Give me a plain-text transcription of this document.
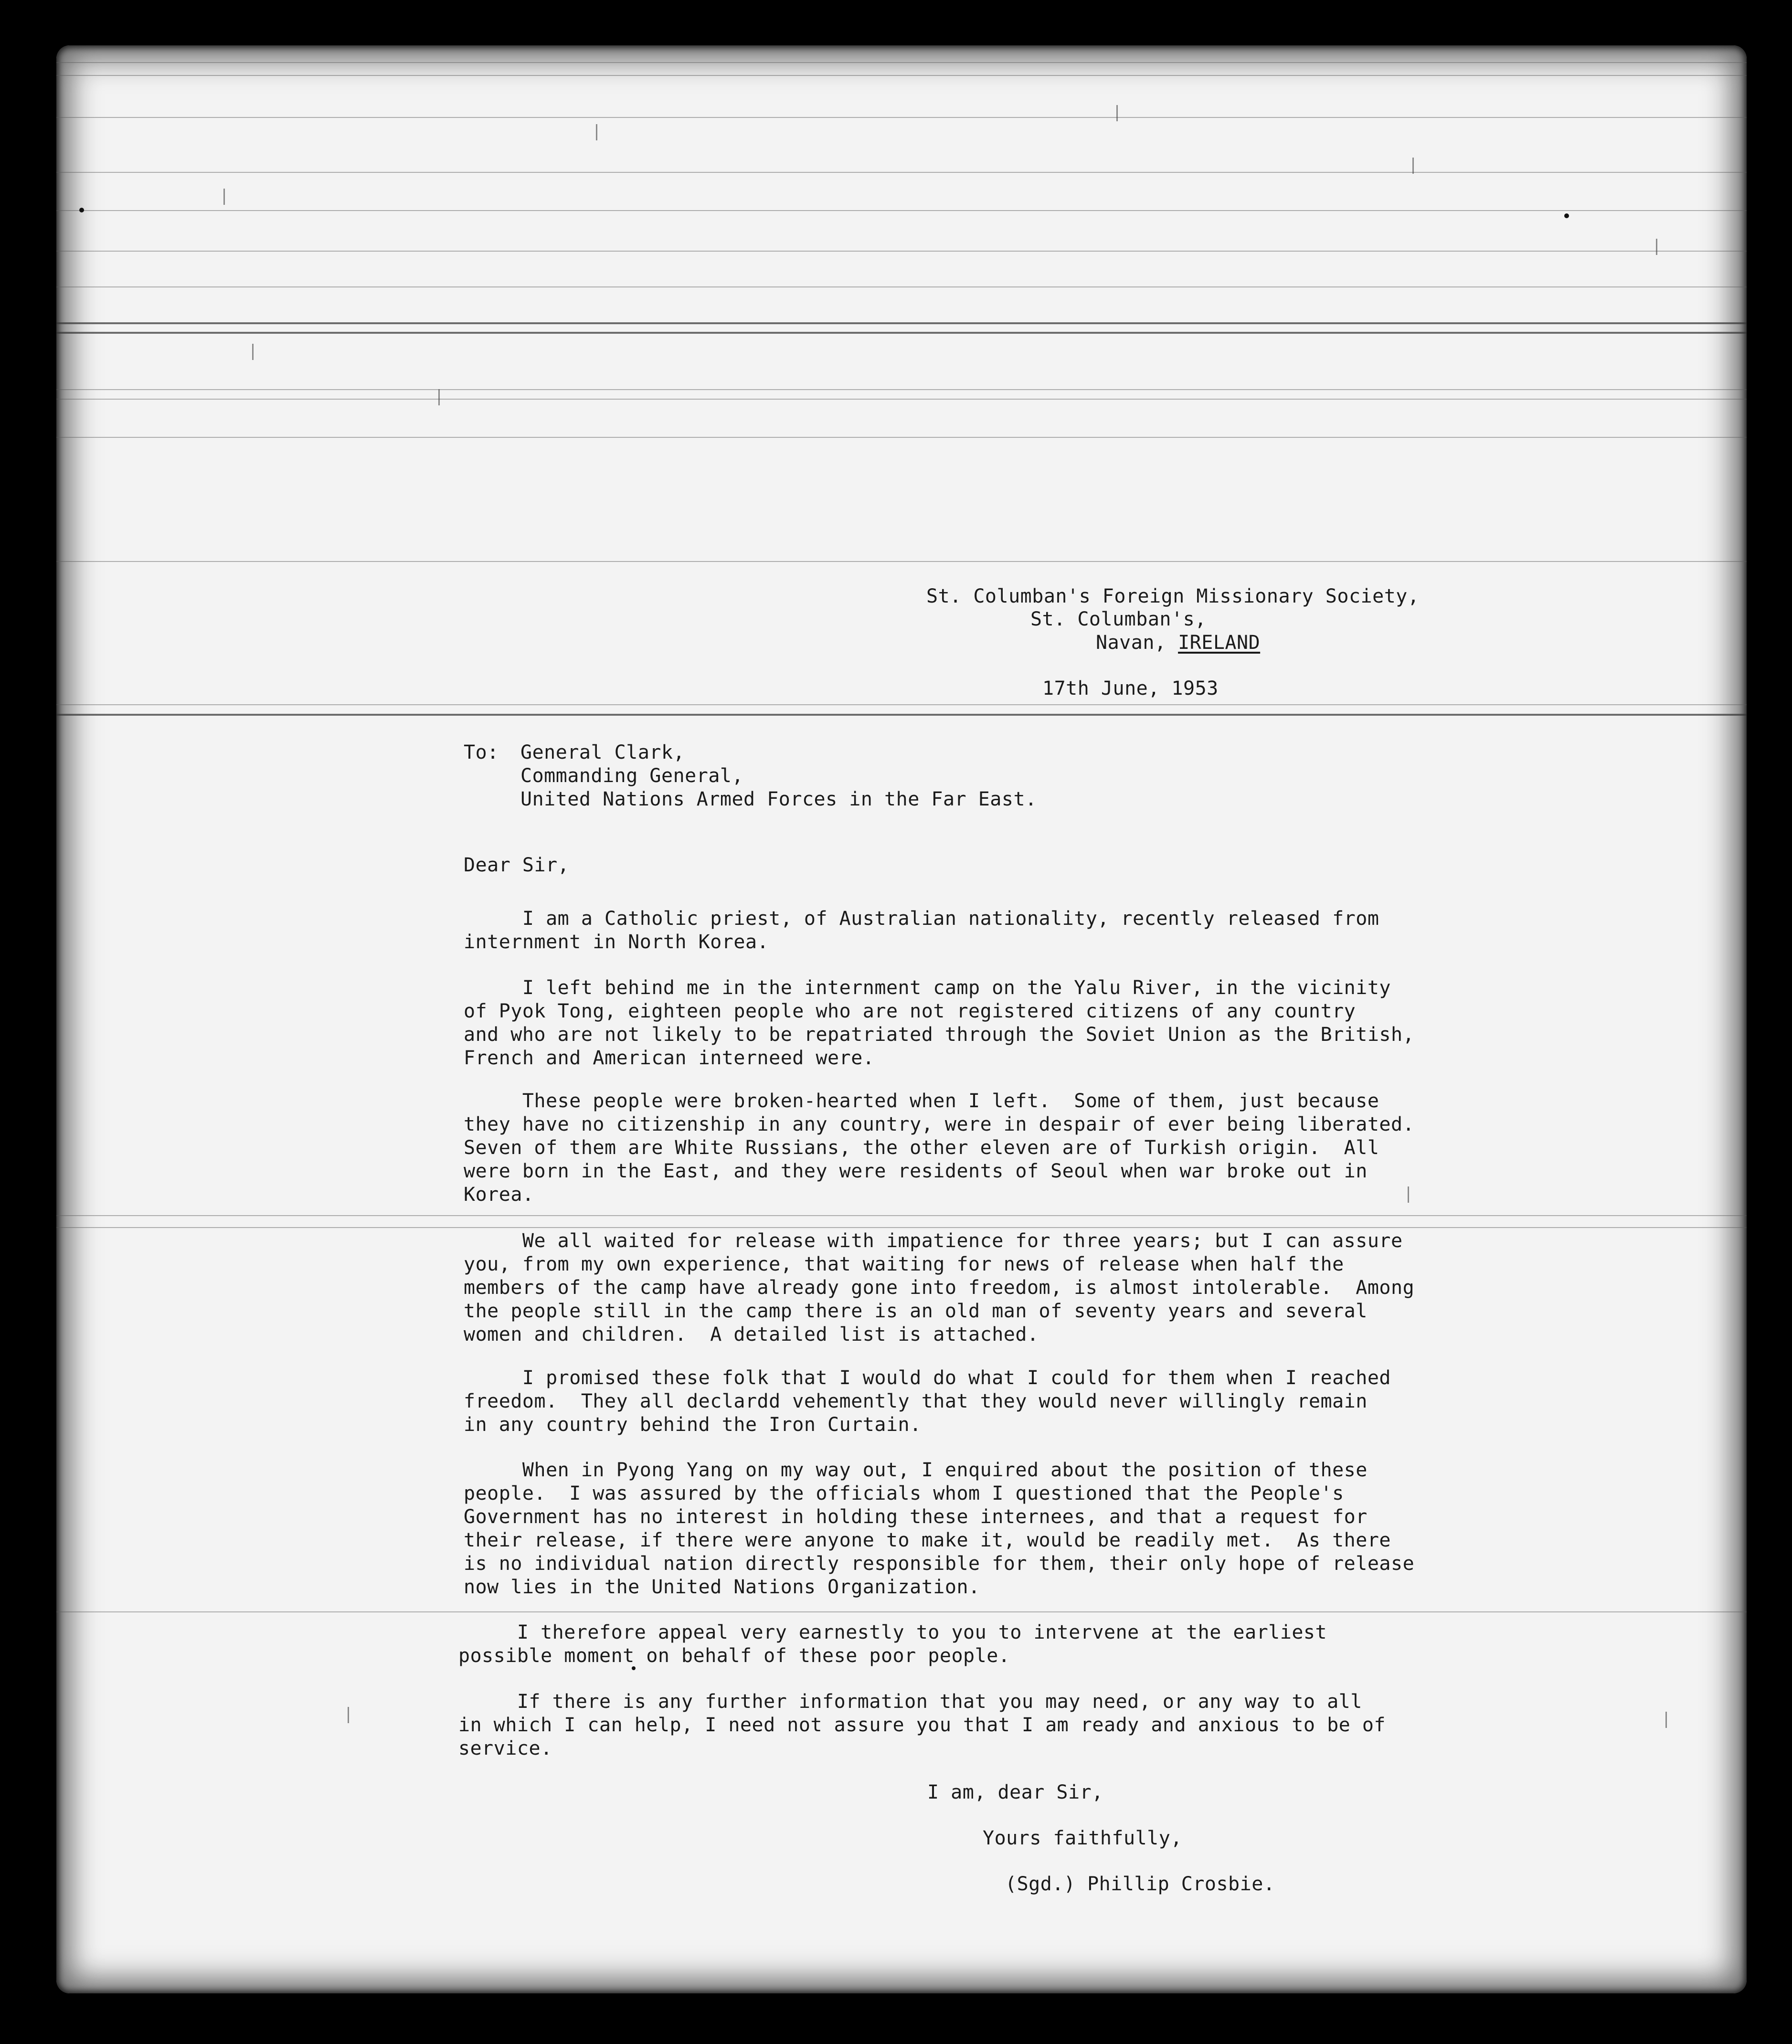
St. Columban's Foreign Missionary Society,
St. Columban's,
Navan, IRELAND
17th June, 1953
To: General Clark,
Commanding General,
United Nations Armed Forces in the Far East.
Dear Sir,
I am a Catholic priest, of Australian nationality, recently released from
internment in North Korea.
I left behind me in the internment camp on the Yalu River, in the vicinity
of Pyok Tong, eighteen people who are not registered citizens of any country
and who are not likely to be repatriated through the Soviet Union as the British,
French and American interneed were.
These people were broken-hearted when I left.  Some of them, just because
they have no citizenship in any country, were in despair of ever being liberated.
Seven of them are White Russians, the other eleven are of Turkish origin.  All
were born in the East, and they were residents of Seoul when war broke out in
Korea.
We all waited for release with impatience for three years; but I can assure
you, from my own experience, that waiting for news of release when half the
members of the camp have already gone into freedom, is almost intolerable.  Among
the people still in the camp there is an old man of seventy years and several
women and children.  A detailed list is attached.
I promised these folk that I would do what I could for them when I reached
freedom.  They all declardd vehemently that they would never willingly remain
in any country behind the Iron Curtain.
When in Pyong Yang on my way out, I enquired about the position of these
people.  I was assured by the officials whom I questioned that the People's
Government has no interest in holding these internees, and that a request for
their release, if there were anyone to make it, would be readily met.  As there
is no individual nation directly responsible for them, their only hope of release
now lies in the United Nations Organization.
I therefore appeal very earnestly to you to intervene at the earliest
possible moment on behalf of these poor people.
If there is any further information that you may need, or any way to all
in which I can help, I need not assure you that I am ready and anxious to be of
service.
I am, dear Sir,
Yours faithfully,
(Sgd.) Phillip Crosbie.
